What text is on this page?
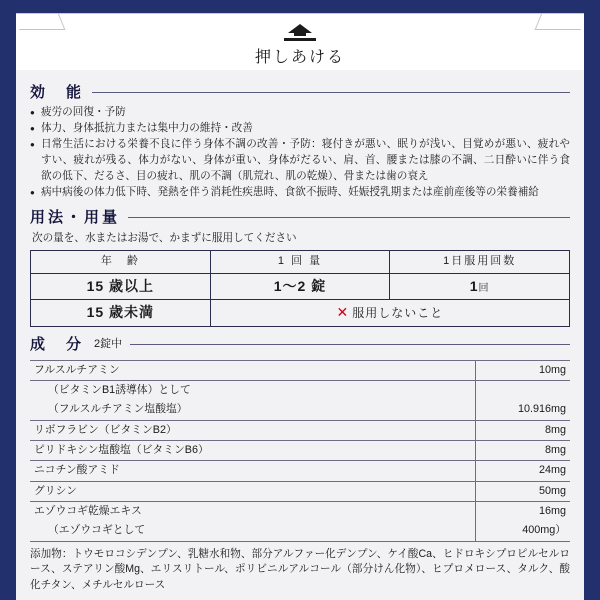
押しあける
効　能
● 疲労の回復・予防
● 体力、身体抵抗力または集中力の維持・改善
● 日常生活における栄養不良に伴う身体不調の改善・予防：寝付きが悪い、眠りが浅い、目覚めが悪い、疲れやすい、疲れが残る、体力がない、身体が重い、身体がだるい、肩、首、腰または膝の不調、二日酔いに伴う食欲の低下、だるさ、目の疲れ、肌の不調（肌荒れ、肌の乾燥）、骨または歯の衰え
● 病中病後の体力低下時、発熱を伴う消耗性疾患時、食欲不振時、妊娠授乳期または産前産後等の栄養補給
用法・用量
次の量を、水またはお湯で、かまずに服用してください
年　齢	1 回 量	1日服用回数
15 歳以上	1～2 錠	1回
15 歳未満	✕ 服用しないこと	
成　分 2錠中
フルスルチアミン	10mg

（ビタミンB1誘導体）として	

（フルスルチアミン塩酸塩）	10.916mg
リボフラビン（ビタミンB2）	8mg
ピリドキシン塩酸塩（ビタミンB6）	8mg
ニコチン酸アミド	24mg
グリシン	50mg
エゾウコギ乾燥エキス	16mg

（エゾウコギとして	400mg）
添加物：トウモロコシデンプン、乳糖水和物、部分アルファー化デンプン、ケイ酸Ca、ヒドロキシプロピルセルロース、ステアリン酸Mg、エリスリトール、ポリビニルアルコール（部分けん化物）、ヒプロメロース、タルク、酸化チタン、メチルセルロース
